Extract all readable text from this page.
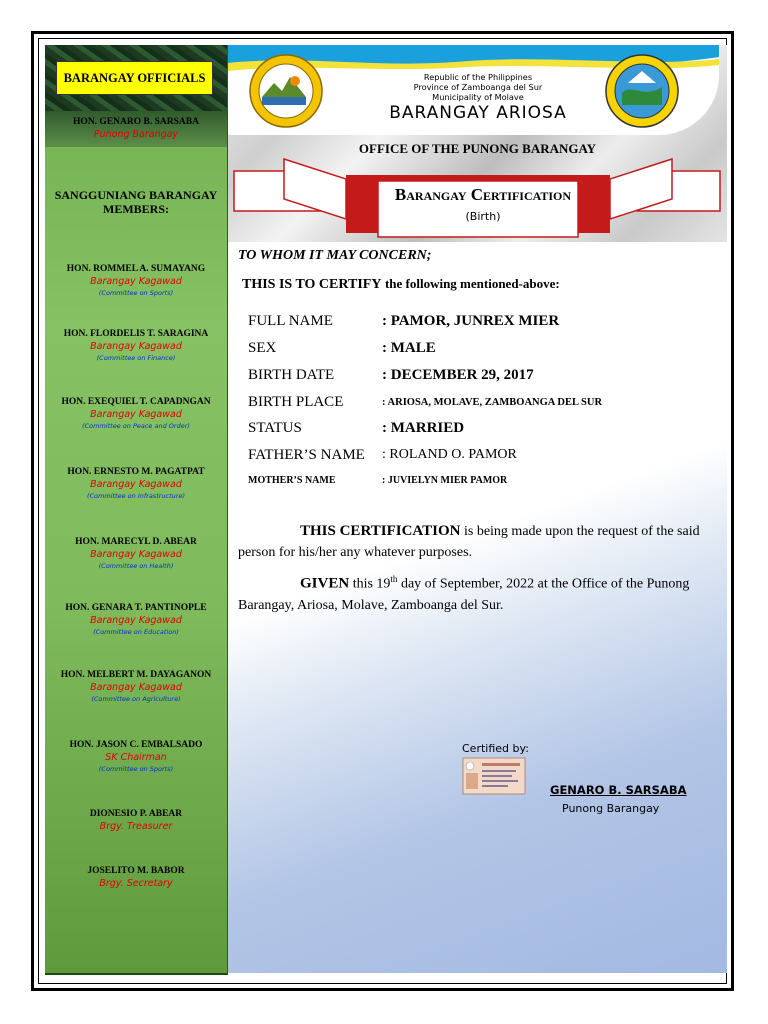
BARANGAY OFFICIALS
HON. GENARO B. SARSABA
Punong Barangay
SANGGUNIANG BARANGAY MEMBERS:
HON. ROMMEL A. SUMAYANG
Barangay Kagawad
(Committee on Sports)
HON. FLORDELIS T. SARAGINA
Barangay Kagawad
(Committee on Finance)
HON. EXEQUIEL T. CAPADNGAN
Barangay Kagawad
(Committee on Peace and Order)
HON. ERNESTO M. PAGATPAT
Barangay Kagawad
(Committee on Infrastructure)
HON. MARECYL D. ABEAR
Barangay Kagawad
(Committee on Health)
HON. GENARA T. PANTINOPLE
Barangay Kagawad
(Committee on Education)
HON. MELBERT M. DAYAGANON
Barangay Kagawad
(Committee on Agriculture)
HON. JASON C. EMBALSADO
SK Chairman
(Committee on Sports)
DIONESIO P. ABEAR
Brgy. Treasurer
JOSELITO M. BABOR
Brgy. Secretary
Republic of the Philippines
Province of Zamboanga del Sur
Municipality of Molave
BARANGAY ARIOSA
OFFICE OF THE PUNONG BARANGAY
Barangay Certification
(Birth)
TO WHOM IT MAY CONCERN;
THIS IS TO CERTIFY the following mentioned-above:
FULL NAME	: PAMOR, JUNREX MIER
SEX	: MALE
BIRTH DATE	: DECEMBER 29, 2017
BIRTH PLACE	: ARIOSA, MOLAVE, ZAMBOANGA DEL SUR
STATUS	: MARRIED
FATHER’S NAME : ROLAND O. PAMOR
MOTHER’S NAME	: JUVIELYN MIER PAMOR
THIS CERTIFICATION is being made upon the request of the said person for his/her any whatever purposes.
GIVEN this 19th day of September, 2022 at the Office of the Punong Barangay, Ariosa, Molave, Zamboanga del Sur.
Certified by:
GENARO B. SARSABA
Punong Barangay
